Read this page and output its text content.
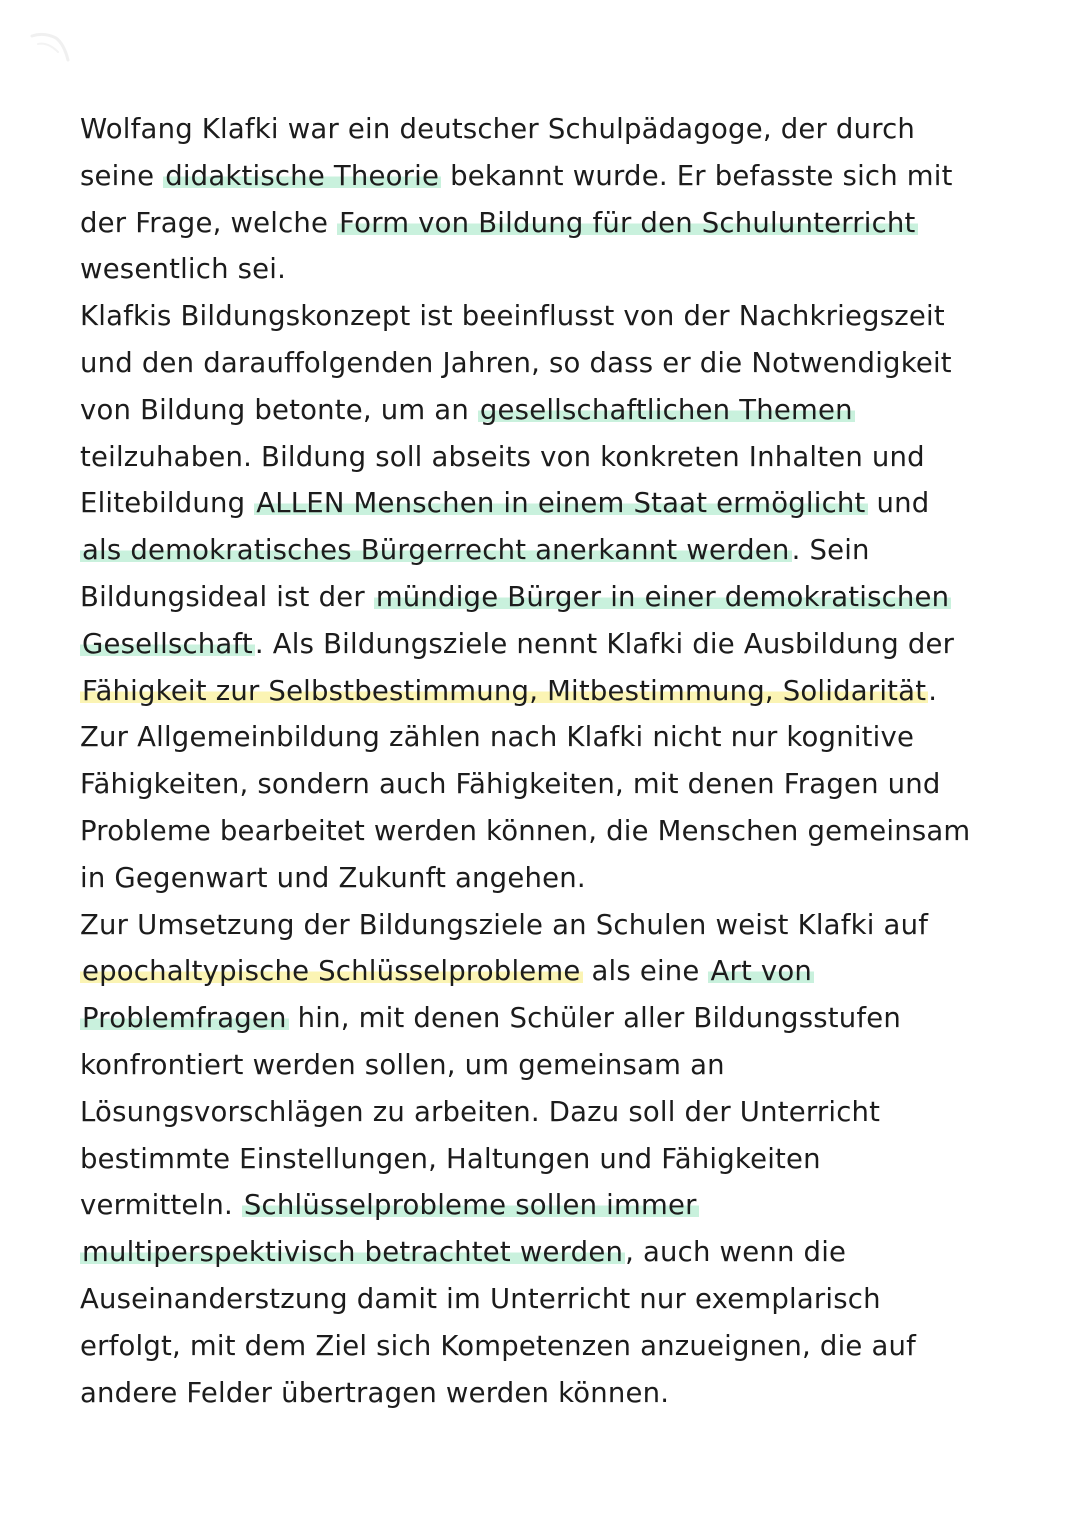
Wolfang Klafki war ein deutscher Schulpädagoge, der durch
seine didaktische Theorie bekannt wurde. Er befasste sich mit
der Frage, welche Form von Bildung für den Schulunterricht
wesentlich sei.
Klafkis Bildungskonzept ist beeinflusst von der Nachkriegszeit
und den darauffolgenden Jahren, so dass er die Notwendigkeit
von Bildung betonte, um an gesellschaftlichen Themen
teilzuhaben. Bildung soll abseits von konkreten Inhalten und
Elitebildung ALLEN Menschen in einem Staat ermöglicht und
als demokratisches Bürgerrecht anerkannt werden. Sein
Bildungsideal ist der mündige Bürger in einer demokratischen
Gesellschaft. Als Bildungsziele nennt Klafki die Ausbildung der
Fähigkeit zur Selbstbestimmung, Mitbestimmung, Solidarität.
Zur Allgemeinbildung zählen nach Klafki nicht nur kognitive
Fähigkeiten, sondern auch Fähigkeiten, mit denen Fragen und
Probleme bearbeitet werden können, die Menschen gemeinsam
in Gegenwart und Zukunft angehen.
Zur Umsetzung der Bildungsziele an Schulen weist Klafki auf
epochaltypische Schlüsselprobleme als eine Art von
Problemfragen hin, mit denen Schüler aller Bildungsstufen
konfrontiert werden sollen, um gemeinsam an
Lösungsvorschlägen zu arbeiten. Dazu soll der Unterricht
bestimmte Einstellungen, Haltungen und Fähigkeiten
vermitteln. Schlüsselprobleme sollen immer
multiperspektivisch betrachtet werden, auch wenn die
Auseinanderstzung damit im Unterricht nur exemplarisch
erfolgt, mit dem Ziel sich Kompetenzen anzueignen, die auf
andere Felder übertragen werden können.
